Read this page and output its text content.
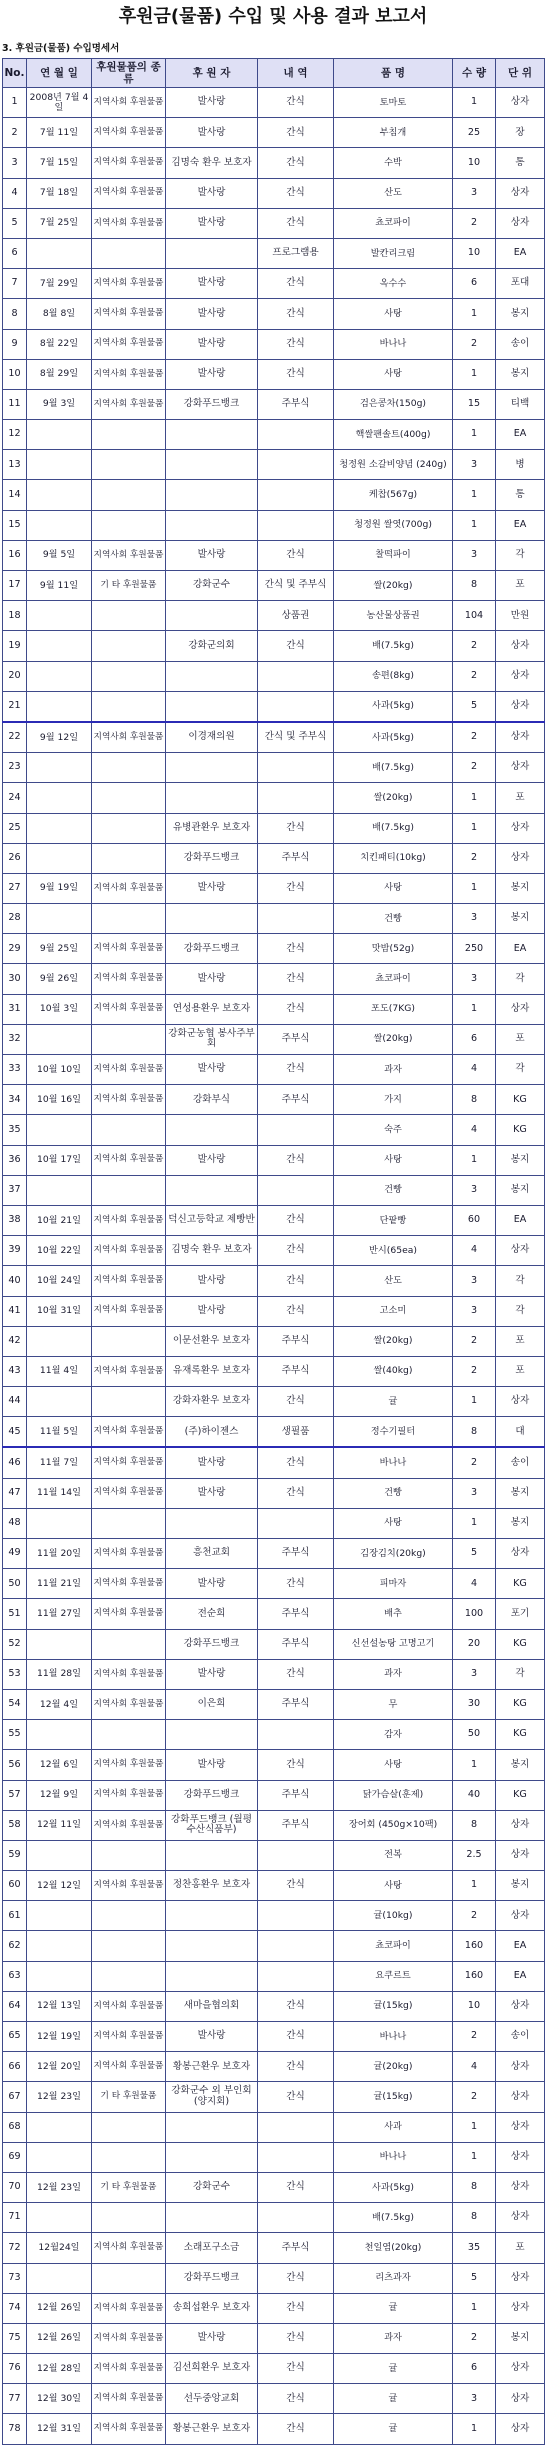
후원금(물품) 수입 및 사용 결과 보고서
3. 후원금(물품) 수입명세서
No.	연 월 일	후원물품의 종 류	후 원 자	내 역	품 명	수 량	단 위
1	2008년 7월 4일	지역사회 후원물품	발사랑	간식	토마토	1	상자
2	7월 11일	지역사회 후원물품	발사랑	간식	부침개	25	장
3	7월 15일	지역사회 후원물품	김명숙 환우 보호자	간식	수박	10	통
4	7월 18일	지역사회 후원물품	발사랑	간식	산도	3	상자
5	7월 25일	지역사회 후원물품	발사랑	간식	쵸코파이	2	상자
6				프로그램용	발칸리크림	10	EA
7	7월 29일	지역사회 후원물품	발사랑	간식	옥수수	6	포대
8	8월 8일	지역사회 후원물품	발사랑	간식	사탕	1	봉지
9	8월 22일	지역사회 후원물품	발사랑	간식	바나나	2	송이
10	8월 29일	지역사회 후원물품	발사랑	간식	사탕	1	봉지
11	9월 3일	지역사회 후원물품	강화푸드뱅크	주부식	검은콩차(150g)	15	티백
12					핵쌀팬솔트(400g)	1	EA
13					청정원 소갈비양념 (240g)	3	병
14					케찹(567g)	1	통
15					청정원 쌀엿(700g)	1	EA
16	9월 5일	지역사회 후원물품	발사랑	간식	찰떡파이	3	각
17	9월 11일	기 타 후원물품	강화군수	간식 및 주부식	쌀(20kg)	8	포
18				상품권	농산물상품권	104	만원
19			강화군의회	간식	배(7.5kg)	2	상자
20					송편(8kg)	2	상자
21					사과(5kg)	5	상자
22	9월 12일	지역사회 후원물품	이경재의원	간식 및 주부식	사과(5kg)	2	상자
23					배(7.5kg)	2	상자
24					쌀(20kg)	1	포
25			유병관환우 보호자	간식	배(7.5kg)	1	상자
26			강화푸드뱅크	주부식	치킨패티(10kg)	2	상자
27	9월 19일	지역사회 후원물품	발사랑	간식	사탕	1	봉지
28					건빵	3	봉지
29	9월 25일	지역사회 후원물품	강화푸드뱅크	간식	맛밤(52g)	250	EA
30	9월 26일	지역사회 후원물품	발사랑	간식	쵸코파이	3	각
31	10월 3일	지역사회 후원물품	연성용환우 보호자	간식	포도(7KG)	1	상자
32			강화군농협 봉사주부회	주부식	쌀(20kg)	6	포
33	10월 10일	지역사회 후원물품	발사랑	간식	과자	4	각
34	10월 16일	지역사회 후원물품	강화부식	주부식	가지	8	KG
35					숙주	4	KG
36	10월 17일	지역사회 후원물품	발사랑	간식	사탕	1	봉지
37					건빵	3	봉지
38	10월 21일	지역사회 후원물품	덕신고등학교 제빵반	간식	단팥빵	60	EA
39	10월 22일	지역사회 후원물품	김명숙 환우 보호자	간식	반시(65ea)	4	상자
40	10월 24일	지역사회 후원물품	발사랑	간식	산도	3	각
41	10월 31일	지역사회 후원물품	발사랑	간식	고소미	3	각
42			이문선환우 보호자	주부식	쌀(20kg)	2	포
43	11월 4일	지역사회 후원물품	유재록환우 보호자	주부식	쌀(40kg)	2	포
44			강화자환우 보호자	간식	귤	1	상자
45	11월 5일	지역사회 후원물품	(주)하이젠스	생필품	정수기필터	8	대
46	11월 7일	지역사회 후원물품	발사랑	간식	바나나	2	송이
47	11월 14일	지역사회 후원물품	발사랑	간식	건빵	3	봉지
48					사탕	1	봉지
49	11월 20일	지역사회 후원물품	흥천교회	주부식	김장김치(20kg)	5	상자
50	11월 21일	지역사회 후원물품	발사랑	간식	피마자	4	KG
51	11월 27일	지역사회 후원물품	전순희	주부식	배추	100	포기
52			강화푸드뱅크	주부식	신선설농탕 고명고기	20	KG
53	11월 28일	지역사회 후원물품	발사랑	간식	과자	3	각
54	12월 4일	지역사회 후원물품	이은희	주부식	무	30	KG
55					감자	50	KG
56	12월 6일	지역사회 후원물품	발사랑	간식	사탕	1	봉지
57	12월 9일	지역사회 후원물품	강화푸드뱅크	주부식	닭가슴살(훈제)	40	KG
58	12월 11일	지역사회 후원물품	강화푸드뱅크 (월평수산식품부)	주부식	장어회 (450g×10팩)	8	상자
59					전복	2.5	상자
60	12월 12일	지역사회 후원물품	정찬홍환우 보호자	간식	사탕	1	봉지
61					귤(10kg)	2	상자
62					쵸코파이	160	EA
63					요쿠르트	160	EA
64	12월 13일	지역사회 후원물품	새마을협의회	간식	귤(15kg)	10	상자
65	12월 19일	지역사회 후원물품	발사랑	간식	바나나	2	송이
66	12월 20일	지역사회 후원물품	황봉근환우 보호자	간식	귤(20kg)	4	상자
67	12월 23일	기 타 후원물품	강화군수 외 부인회(양지회)	간식	귤(15kg)	2	상자
68					사과	1	상자
69					바나나	1	상자
70	12월 23일	기 타 후원물품	강화군수	간식	사과(5kg)	8	상자
71					배(7.5kg)	8	상자
72	12월24일	지역사회 후원물품	소래포구소금	주부식	천일염(20kg)	35	포
73			강화푸드뱅크	간식	리츠과자	5	상자
74	12월 26일	지역사회 후원물품	송희섭환우 보호자	간식	귤	1	상자
75	12월 26일	지역사회 후원물품	발사랑	간식	과자	2	봉지
76	12월 28일	지역사회 후원물품	김선희환우 보호자	간식	귤	6	상자
77	12월 30일	지역사회 후원물품	선두중앙교회	간식	귤	3	상자
78	12월 31일	지역사회 후원물품	황봉근환우 보호자	간식	귤	1	상자
